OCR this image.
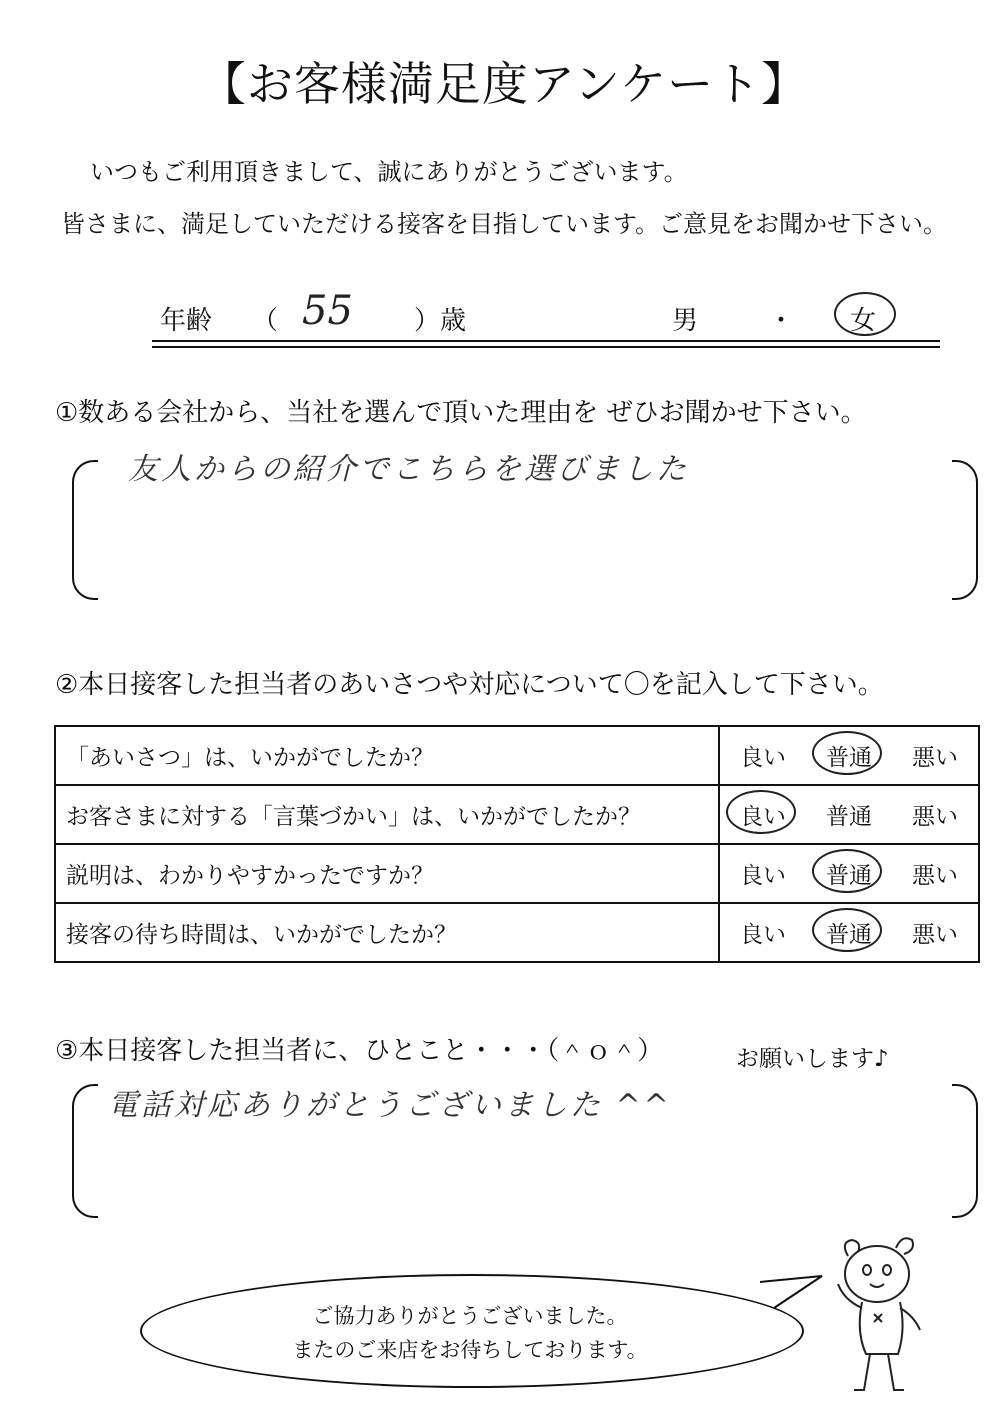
【お客様満足度アンケート】
いつもご利用頂きまして、誠にありがとうございます。
皆さまに、満足していただける接客を目指しています。ご意見をお聞かせ下さい。
年齢 （ 55 ）歳	男	・ 女
①数ある会社から、当社を選んで頂いた理由を ぜひお聞かせ下さい。
友人からの紹介でこちらを選びました
②本日接客した担当者のあいさつや対応について〇を記入して下さい。
「あいさつ」は、いかがでしたか？	良い 普通 悪い
お客さまに対する「言葉づかい」は、いかがでしたか？	良い 普通 悪い
説明は、わかりやすかったですか？	良い 普通 悪い
接客の待ち時間は、いかがでしたか？	良い 普通 悪い
③本日接客した担当者に、ひとこと・・・（＾ｏ＾）	お願いします♪
電話対応ありがとうございました ^^
ご協力ありがとうございました。
またのご来店をお待ちしております。
